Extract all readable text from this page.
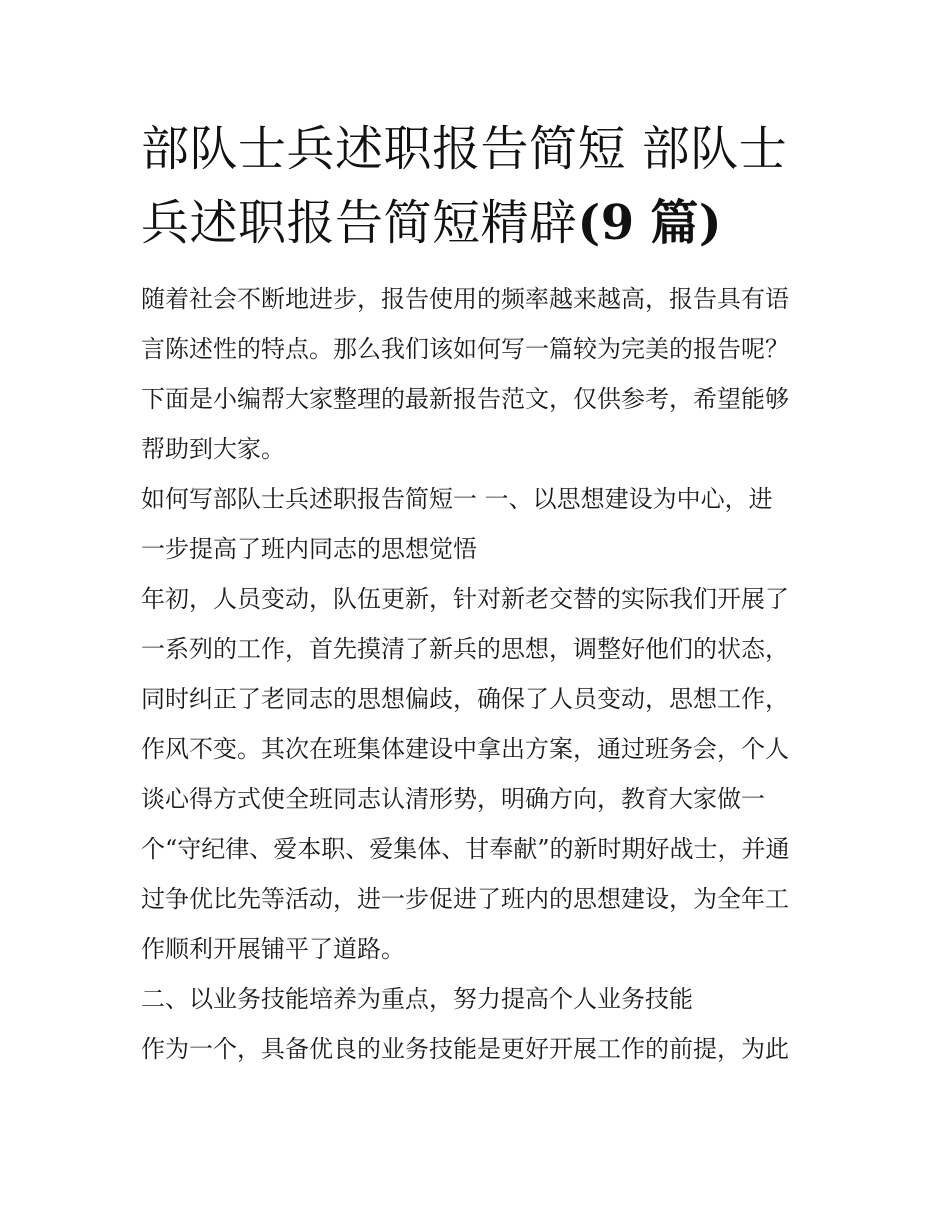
部队士兵述职报告简短 部队士
兵述职报告简短精辟(9 篇)
随着社会不断地进步，报告使用的频率越来越高，报告具有语
言陈述性的特点。那么我们该如何写一篇较为完美的报告呢？
下面是小编帮大家整理的最新报告范文，仅供参考，希望能够
帮助到大家。
如何写部队士兵述职报告简短一 一、以思想建设为中心，进
一步提高了班内同志的思想觉悟
年初，人员变动，队伍更新，针对新老交替的实际我们开展了
一系列的工作，首先摸清了新兵的思想，调整好他们的状态，
同时纠正了老同志的思想偏歧，确保了人员变动，思想工作，
作风不变。其次在班集体建设中拿出方案，通过班务会，个人
谈心得方式使全班同志认清形势，明确方向，教育大家做一
个“守纪律、爱本职、爱集体、甘奉献”的新时期好战士，并通
过争优比先等活动，进一步促进了班内的思想建设，为全年工
作顺利开展铺平了道路。
二、以业务技能培养为重点，努力提高个人业务技能
作为一个，具备优良的业务技能是更好开展工作的前提，为此
